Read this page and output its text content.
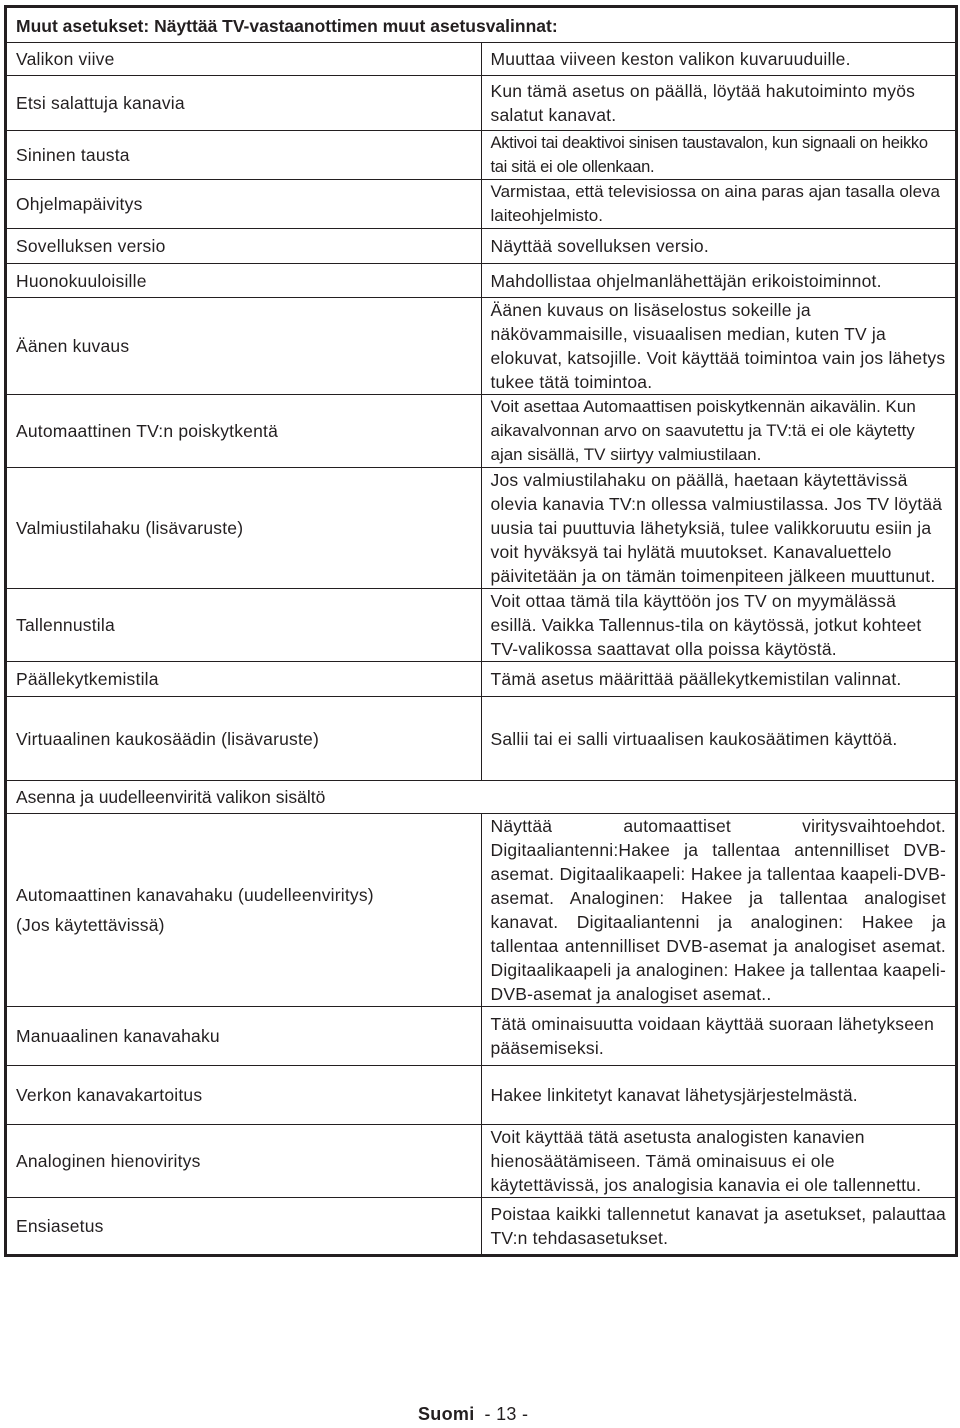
Muut asetukset: Näyttää TV-vastaanottimen muut asetusvalinnat:	
Valikon viive	Muuttaa viiveen keston valikon kuvaruuduille.
Etsi salattuja kanavia	Kun tämä asetus on päällä, löytää hakutoiminto myös salatut kanavat.
Sininen tausta	Aktivoi tai deaktivoi sinisen taustavalon, kun signaali on heikko tai sitä ei ole ollenkaan.
Ohjelmapäivitys	Varmistaa, että televisiossa on aina paras ajan tasalla oleva laiteohjelmisto.
Sovelluksen versio	Näyttää sovelluksen versio.
Huonokuuloisille	Mahdollistaa ohjelmanlähettäjän erikoistoiminnot.
Äänen kuvaus	Äänen kuvaus on lisäselostus sokeille ja näkövammaisille, visuaalisen median, kuten TV ja elokuvat, katsojille. Voit käyttää toimintoa vain jos lähetys tukee tätä toimintoa.
Automaattinen TV:n poiskytkentä	Voit asettaa Automaattisen poiskytkennän aikavälin. Kun aikavalvonnan arvo on saavutettu ja TV:tä ei ole käytetty ajan sisällä, TV siirtyy valmiustilaan.
Valmiustilahaku (lisävaruste)	Jos valmiustilahaku on päällä, haetaan käytettävissä olevia kanavia TV:n ollessa valmiustilassa. Jos TV löytää uusia tai puuttuvia lähetyksiä, tulee valikkoruutu esiin ja voit hyväksyä tai hylätä muutokset. Kanavaluettelo päivitetään ja on tämän toimenpiteen jälkeen muuttunut.
Tallennustila	Voit ottaa tämä tila käyttöön jos TV on myymälässä esillä. Vaikka Tallennus-tila on käytössä, jotkut kohteet TV-valikossa saattavat olla poissa käytöstä.
Päällekytkemistila	Tämä asetus määrittää päällekytkemistilan valinnat.
Virtuaalinen kaukosäädin (lisävaruste)	Sallii tai ei salli virtuaalisen kaukosäätimen käyttöä.
Asenna ja uudelleenviritä valikon sisältö	
Automaattinen kanavahaku (uudelleenviritys)
(Jos käytettävissä)	Näyttää automaattiset viritysvaihtoehdot. Digitaaliantenni:Hakee ja tallentaa antennilliset DVB-asemat. Digitaalikaapeli: Hakee ja tallentaa kaapeli-DVB-asemat. Analoginen: Hakee ja tallentaa analogiset kanavat. Digitaaliantenni ja analoginen: Hakee ja tallentaa antennilliset DVB-asemat ja analogiset asemat. Digitaalikaapeli ja analoginen: Hakee ja tallentaa kaapeli-DVB-asemat ja analogiset asemat..
Manuaalinen kanavahaku	Tätä ominaisuutta voidaan käyttää suoraan lähetykseen pääsemiseksi.
Verkon kanavakartoitus	Hakee linkitetyt kanavat lähetysjärjestelmästä.
Analoginen hienoviritys	Voit käyttää tätä asetusta analogisten kanavien hienosäätämiseen. Tämä ominaisuus ei ole käytettävissä, jos analogisia kanavia ei ole tallennettu.
Ensiasetus	Poistaa kaikki tallennetut kanavat ja asetukset, palauttaa TV:n tehdasasetukset.
Suomi - 13 -
